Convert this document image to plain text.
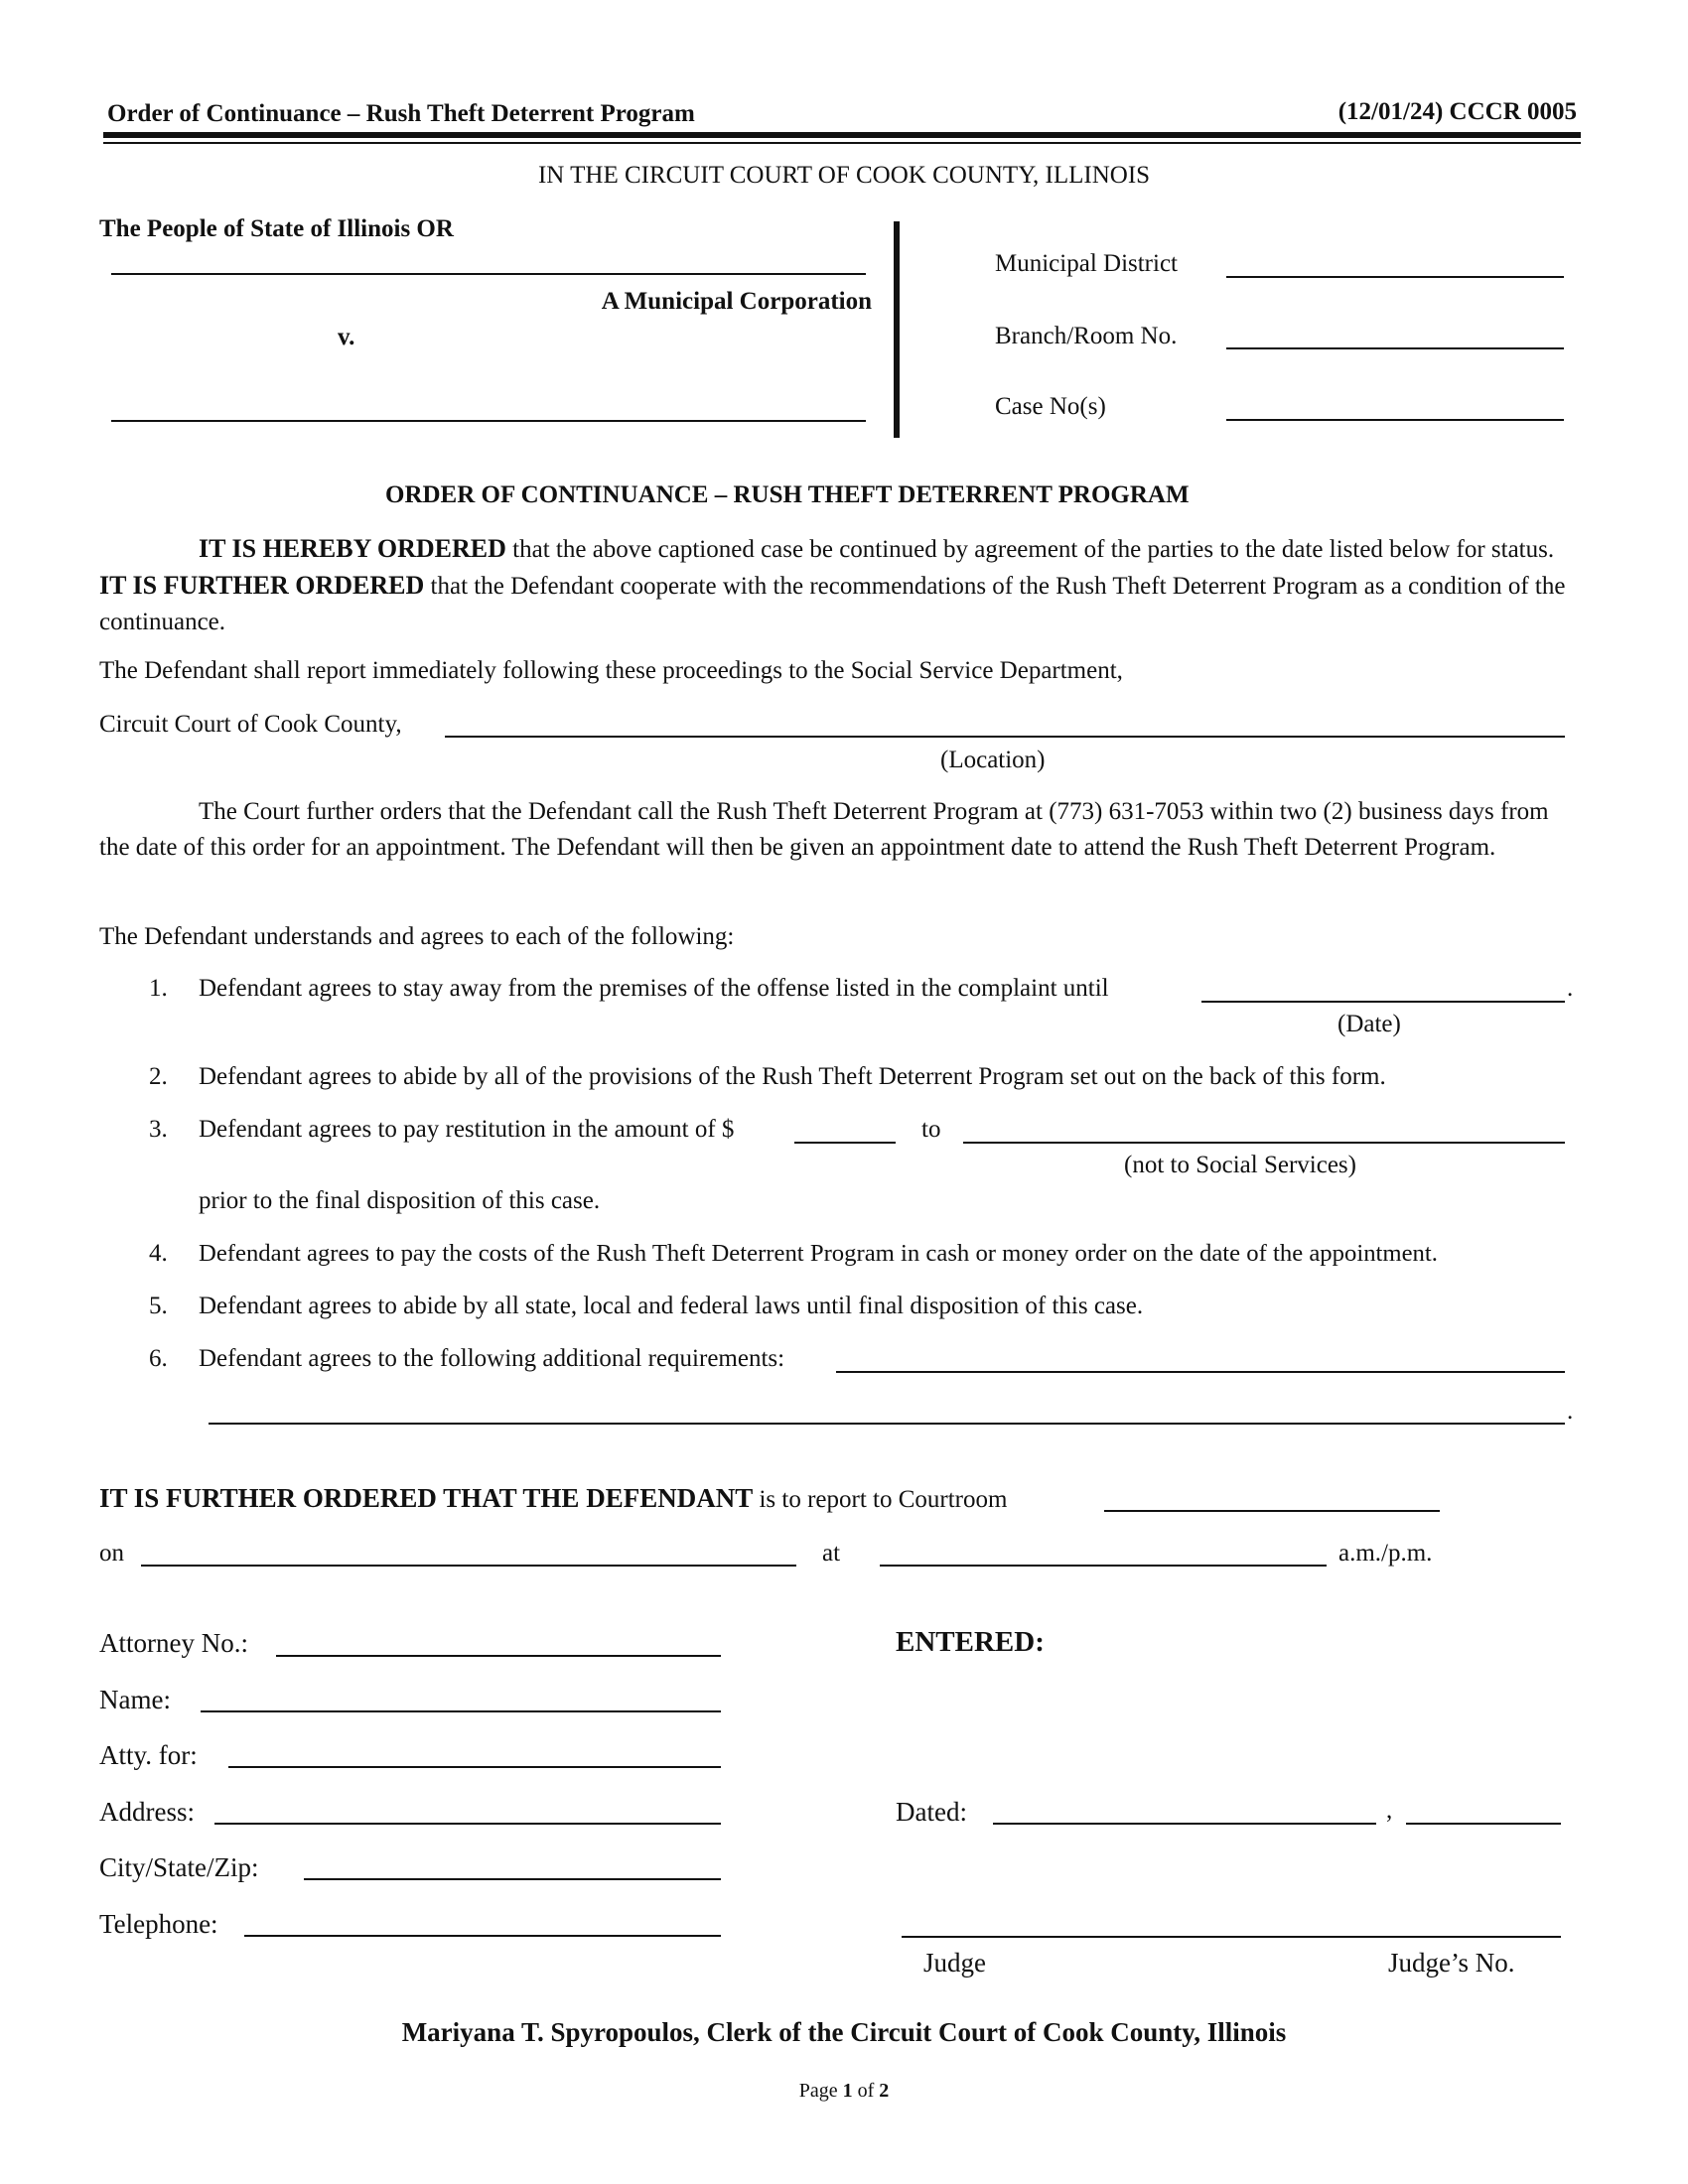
Order of Continuance – Rush Theft Deterrent Program	(12/01/24) CCCR 0005
IN THE CIRCUIT COURT OF COOK COUNTY, ILLINOIS
The People of State of Illinois OR
A Municipal Corporation
v.
Municipal District
Branch/Room No.
Case No(s)
ORDER OF CONTINUANCE – RUSH THEFT DETERRENT PROGRAM
IT IS HEREBY ORDERED that the above captioned case be continued by agreement of the parties to the date listed below for status. IT IS FURTHER ORDERED that the Defendant cooperate with the recommendations of the Rush Theft Deterrent Program as a condition of the continuance.
The Defendant shall report immediately following these proceedings to the Social Service Department,
Circuit Court of Cook County,
(Location)
The Court further orders that the Defendant call the Rush Theft Deterrent Program at (773) 631-7053 within two (2) business days from the date of this order for an appointment. The Defendant will then be given an appointment date to attend the Rush Theft Deterrent Program.
The Defendant understands and agrees to each of the following:
1. Defendant agrees to stay away from the premises of the offense listed in the complaint until	.
(Date)
2. Defendant agrees to abide by all of the provisions of the Rush Theft Deterrent Program set out on the back of this form.
3. Defendant agrees to pay restitution in the amount of $	to
(not to Social Services)
prior to the final disposition of this case.
4. Defendant agrees to pay the costs of the Rush Theft Deterrent Program in cash or money order on the date of the appointment.
5. Defendant agrees to abide by all state, local and federal laws until final disposition of this case.
6. Defendant agrees to the following additional requirements:
.
IT IS FURTHER ORDERED THAT THE DEFENDANT is to report to Courtroom
on	at	a.m./p.m.
Attorney No.:
Name:
Atty. for:
Address:
City/State/Zip:
Telephone:
ENTERED:
Dated:	,
Judge	Judge’s No.
Mariyana T. Spyropoulos, Clerk of the Circuit Court of Cook County, Illinois
Page 1 of 2
